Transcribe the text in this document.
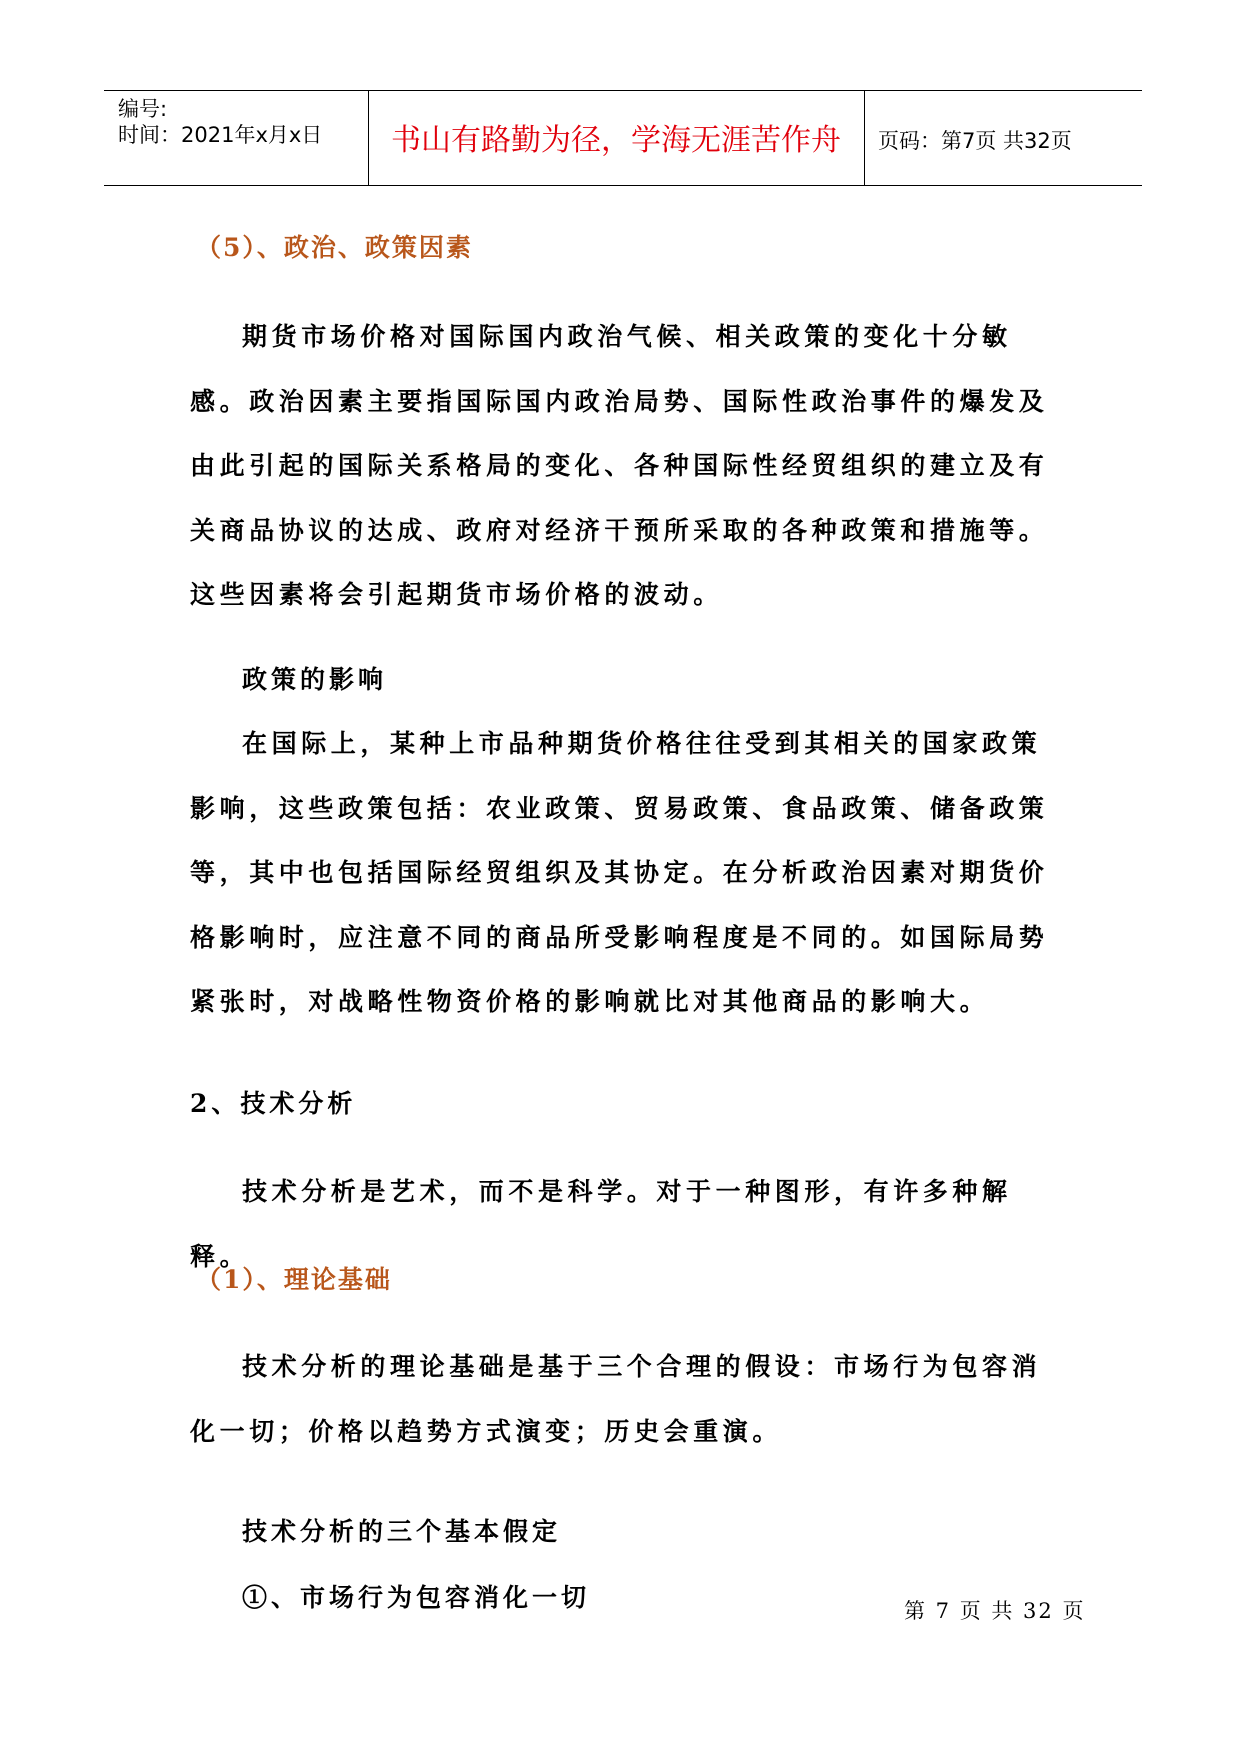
编号:
时间：2021年x月x日	书山有路勤为径，学海无涯苦作舟	页码：第7页 共32页
（5）、政治、政策因素

期货市场价格对国际国内政治气候、相关政策的变化十分敏感。政治因素主要指国际国内政治局势、国际性政治事件的爆发及由此引起的国际关系格局的变化、各种国际性经贸组织的建立及有关商品协议的达成、政府对经济干预所采取的各种政策和措施等。这些因素将会引起期货市场价格的波动。

政策的影响

在国际上，某种上市品种期货价格往往受到其相关的国家政策影响，这些政策包括：农业政策、贸易政策、食品政策、储备政策等，其中也包括国际经贸组织及其协定。在分析政治因素对期货价格影响时，应注意不同的商品所受影响程度是不同的。如国际局势紧张时，对战略性物资价格的影响就比对其他商品的影响大。

2、技术分析

技术分析是艺术，而不是科学。对于一种图形，有许多种解释。

（1）、理论基础

技术分析的理论基础是基于三个合理的假设：市场行为包容消化一切；价格以趋势方式演变；历史会重演。

技术分析的三个基本假定
①、市场行为包容消化一切	第 7 页 共 32 页
